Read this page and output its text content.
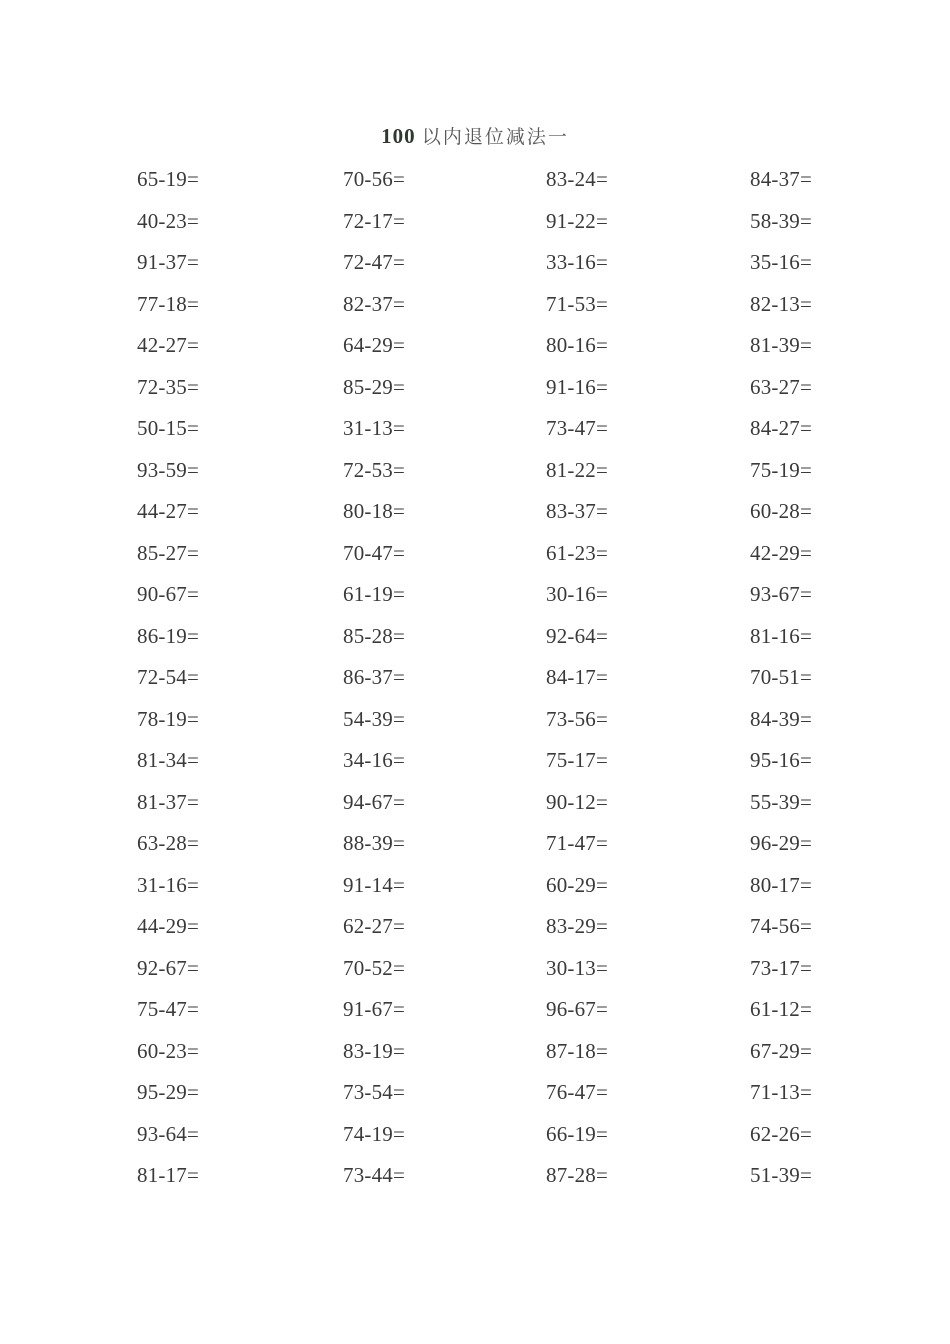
100 以内退位减法一
65-19=	70-56=	83-24=	84-37=
40-23=	72-17=	91-22=	58-39=
91-37=	72-47=	33-16=	35-16=
77-18=	82-37=	71-53=	82-13=
42-27=	64-29=	80-16=	81-39=
72-35=	85-29=	91-16=	63-27=
50-15=	31-13=	73-47=	84-27=
93-59=	72-53=	81-22=	75-19=
44-27=	80-18=	83-37=	60-28=
85-27=	70-47=	61-23=	42-29=
90-67=	61-19=	30-16=	93-67=
86-19=	85-28=	92-64=	81-16=
72-54=	86-37=	84-17=	70-51=
78-19=	54-39=	73-56=	84-39=
81-34=	34-16=	75-17=	95-16=
81-37=	94-67=	90-12=	55-39=
63-28=	88-39=	71-47=	96-29=
31-16=	91-14=	60-29=	80-17=
44-29=	62-27=	83-29=	74-56=
92-67=	70-52=	30-13=	73-17=
75-47=	91-67=	96-67=	61-12=
60-23=	83-19=	87-18=	67-29=
95-29=	73-54=	76-47=	71-13=
93-64=	74-19=	66-19=	62-26=
81-17=	73-44=	87-28=	51-39=
